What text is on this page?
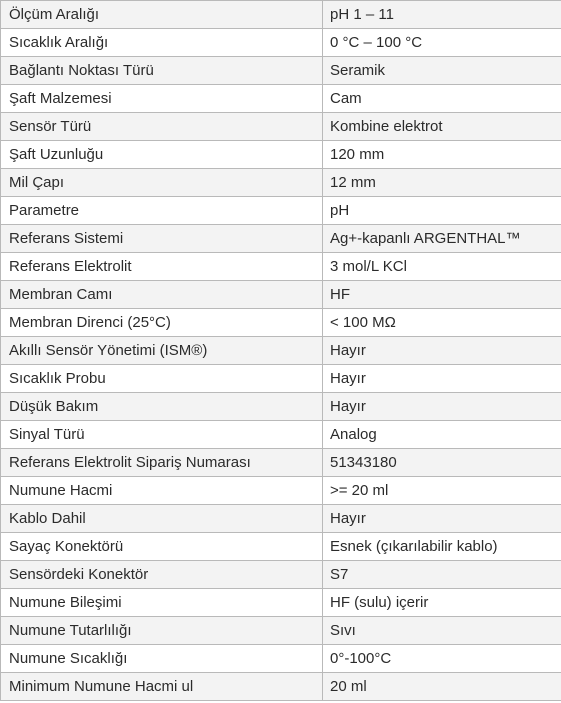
Ölçüm Aralığı	pH 1 – 11
Sıcaklık Aralığı	0 °C – 100 °C
Bağlantı Noktası Türü	Seramik
Şaft Malzemesi	Cam
Sensör Türü	Kombine elektrot
Şaft Uzunluğu	120 mm
Mil Çapı	12 mm
Parametre	pH
Referans Sistemi	Ag+-kapanlı ARGENTHAL™
Referans Elektrolit	3 mol/L KCl
Membran Camı	HF
Membran Direnci (25°C)	< 100 MΩ
Akıllı Sensör Yönetimi (ISM®)	Hayır
Sıcaklık Probu	Hayır
Düşük Bakım	Hayır
Sinyal Türü	Analog
Referans Elektrolit Sipariş Numarası	51343180
Numune Hacmi	>= 20 ml
Kablo Dahil	Hayır
Sayaç Konektörü	Esnek (çıkarılabilir kablo)
Sensördeki Konektör	S7
Numune Bileşimi	HF (sulu) içerir
Numune Tutarlılığı	Sıvı
Numune Sıcaklığı	0°-100°C
Minimum Numune Hacmi ul	20 ml
